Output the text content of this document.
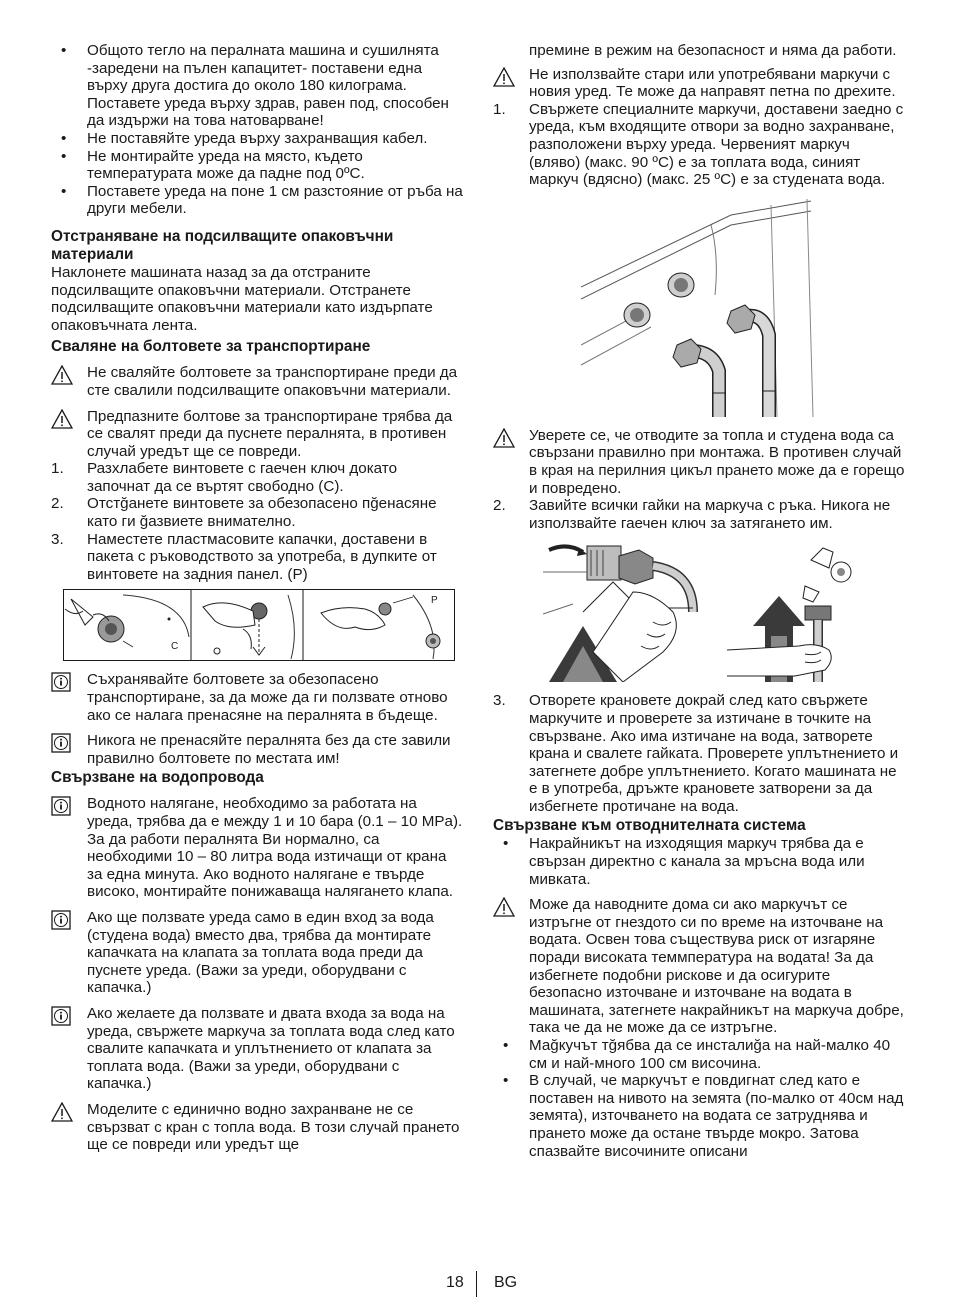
•	Общото тегло на пералната машина и сушилнята -заредени на пълен капацитет- поставени една върху друга достига до около 180 килограма. Поставете уреда върху здрав, равен под, способен да издържи на това натоварване!

•	Не поставяйте уреда върху захранващия кабел.

•	Не монтирайте уреда на място, където температурата може да падне под 0ºС.

•	Поставете уреда на поне 1 см разстояние от ръба на други мебели.

Отстраняване на подсилващите опаковъчни материали

Наклонете машината назад за да отстраните подсилващите опаковъчни материали. Отстранете подсилващите опаковъчни материали като издърпате опаковъчната лента.

Сваляне на болтовете за транспортиране

Не сваляйте болтовете за транспортиране преди да сте свалили подсилващите опаковъчни материали.

Предпазните болтове за транспортиране трябва да се свалят преди да пуснете пералнята, в противен случай уредът ще се повреди.

1.	Разхлабете винтовете с гаечен ключ докато започнат да се въртят свободно (C).

2.	Отстğанете винтовете за обезопасено пğенасяне като ги ğазвиете внимателно.

3.	Наместете пластмасовите капачки, доставени в пакета с ръководството за употреба, в дупките от винтовете на задния панел. (P)

C
P

Съхранявайте болтовете за обезопасено транспортиране, за да може да ги ползвате отново ако се налага пренасяне на пералнята в бъдеще.

Никога не пренасяйте пералнята без да сте завили правилно болтовете по местата им!

Свързване на водопровода

Водното налягане, необходимо за работата на уреда, трябва да е между 1 и 10 бара (0.1 – 10 MPa). За да работи пералнята Ви нормално, са необходими 10 – 80 литра вода изтичащи от крана за една минута. Ако водното налягане е твърде високо, монтирайте понижаваща налягането клапа.

Ако ще ползвате уреда само в един вход за вода (студена вода) вместо два, трябва да монтирате капачката на клапата за топлата вода преди да пуснете уреда. (Важи за уреди, оборудвани с капачка.)

Ако желаете да ползвате и двата входа за вода на уреда, свържете маркуча за топлата вода след като свалите капачката и уплътнението от клапата за топлата вода. (Важи за уреди, оборудвани с капачка.)

Моделите с единично водно захранване не се свързват с кран с топла вода. В този случай прането ще се повреди или уредът ще

премине в режим на безопасност и няма да работи.

Не използвайте стари или употребявани маркучи с новия уред. Те може да направят петна по дрехите.

1.	Свържете специалните маркучи, доставени заедно с уреда, към входящите отвори за водно захранване, разположени върху уреда. Червеният маркуч (вляво) (макс. 90 ºC) е за топлата вода, синият маркуч (вдясно) (макс. 25 ºC) е за студената вода.

Уверете се, че отводите за топла и студена вода са свързани правилно при монтажа. В противен случай в края на перилния цикъл прането може да е горещо и повредено.

2.	Завийте всички гайки на маркуча с ръка. Никога не използвайте гаечен ключ за затягането им.

3.	Отворете крановете докрай след като свържете маркучите и проверете за изтичане в точките на свързване. Ако има изтичане на вода, затворете крана и свалете гайката. Проверете уплътнението и затегнете добре уплътнението. Когато машината не е в употреба, дръжте крановете затворени за да избегнете протичане на вода.

Свързване към отводнителната система
•	Накрайникът на изходящия маркуч трябва да е свързан директно с канала за мръсна вода или мивката.

Може да наводните дома си ако маркучът се изтръгне от гнездото си по време на източване на водата. Освен това съществува риск от изгаряне поради високата теммпература на водата! За да избегнете подобни рискове и да осигурите безопасно източване и източване на водата в машината, затегнете накрайникът на маркуча добре, така че да не може да се изтръгне.

•	Маğкучът тğябва да се инсталиğа на най-малко 40 см и най-много 100 см височина.

•	В случай, че маркучът е повдигнат след като е поставен на нивото на земята (по-малко от 40см над земята), източването на водата се затруднява и прането може да остане твърде мокро. Затова спазвайте височините описани

18 BG
